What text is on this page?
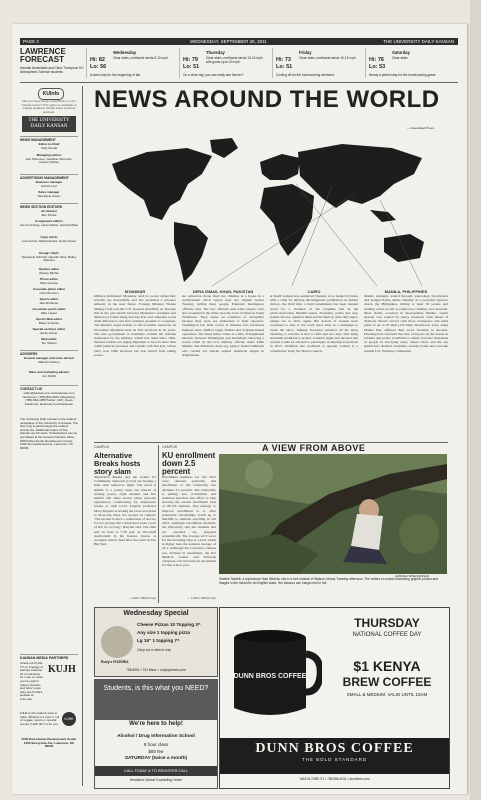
PAGE 2	WEDNESDAY, SEPTEMBER 28, 2011	THE UNIVERSITY DAILY KANSAN
LAWRENCE
FORECAST
Hannah Arvanitakis and Clinic Thompson KU Atmospheric Science students
Hi: 82
Lo: 56
Wednesday
Clear skies, northwest winds 5-10 mph.
A warm day for the beginning of fall.
Hi: 79
Lo: 51
Thursday
Clear skies, northwest winds 10-15 mph with gusts up to 20 mph.
On a clear day, you can really see forever?
Hi: 73
Lo: 51
Friday
Clear skies, northwest winds 10-15 mph.
Cooling off for the homecoming weekend.
Hi: 76
Lo: 53
Saturday
Clear skies.
Nearly a perfect day for the homecoming game.
KUInfo
Did you know Hawk Code/Pride is in the Kansas Union? This option is available to college students. KUInfo helps students succeed.
THE UNIVERSITY DAILY KANSAN
NEWS MANAGEMENT
Editor-in-Chief
Kelly Stroda
Managing editors
Joel Petterson, Jonathan Shorman, Clayton Ashley
ADVERTISING MANAGEMENT
Business manager
Garrett Lent
Sales manager
Stephanie Green
NEWS SECTION EDITORS
Art director
Ben Pirotte
Assignment editors
Ian Cummings, Laura Sather, Hannah Wise
Copy chiefs
Lisa Curran, Marla Daniels, Emily Glover
Design chiefs
Stephanie Schmidt, Hannah Wise, Bailey Atkinson
Opinion editor
Wesley Ritchie
Photo editor
Mike Gunnoe
Associate photo editor
Chris Bronson
Sports editor
Max Rothman
Associate sports editor
Mike Lavieri
Sports Web editor
Blake Schuster
Special sections editor
Emily Glover
Web editor
Tim Shedor
ADVISERS
General manager and news adviser
Malcolm Gibson
Sales and marketing adviser
Jon Schlitt
CONTACT US
editor@kansan.com www.kansan.com Newsroom: (785)-864-4810 Advertising: (785) 864-4358 Twitter: UDK_News Facebook: facebook.com/thekansan
The University Daily Kansan is the student newspaper of the University of Kansas. The first copy is paid through the student activity fee. Additional copies of The Kansan are 50 cents. Subscriptions can be purchased at the Kansan business office, 2000 Dole Human Development Center, 1000 Sunnyside Avenue, Lawrence, KS 66045.
KANSAN MEDIA PARTNERS
Check out KUJH-TV on Knology of Kansas Channel 31 in Lawrence for more on what you've read in today's Kansan and other news. Also see KUJH's website at tv.ku.edu.
KUJH
KJHK is the student voice in radio. Whether it's rock 'n' roll or reggae, sports or special events, KJHK 90.7 is for you.
KJHK
2000 Dole Human Development Center 1000 Sunnyside Ave. Lawrence, KS 66045
NEWS AROUND THE WORLD
— Associated Press
MYANMAR
Military-dominated Myanmar said its recent democratic reforms are irreversible and has promised a prisoner amnesty in the near future. Foreign Minister Wunna Maung Lwin told the U.N. General Assembly on Tuesday that in the past month between Myanmar's president and democracy leader Aung San Suu Kyi were intended to put aside differences and find common grounds to cooperate. The minister urged nations to lift economic sanctions. In November Myanmar held its first elections in 20 years. The new government is nominally civilian but remains dominated by the military, which has ruled since 1962. Western nations are urging Myanmar to free its more than 2,000 political prisoners and consult with Suu Kyi, whose party won 1990 elections but was barred from taking power.
DERA ISMAIL KHAN, PAKISTAN
An American drone fired two missiles at a house in a northwestern tribal region near the Afghan border Tuesday, killing three people, Pakistani intelligence officials said. The two officials said some people were also wounded in the strike near the town of Wana in South Waziristan. They spoke on condition of anonymity because they were not authorized to brief reporters. Washington has fired scores of missiles into northwest Pakistan since 2008 to target Taliban and al-Qaida-linked operatives. The latest strike comes at a time of heightened tensions between Washington and Islamabad following a recent claim by the U.S. military official, Adm. Mike Mullen, that Pakistan's main spy agency backed militants who carried out attacks against American targets in Afghanistan.
CAIRO
A Saudi woman was sentenced Tuesday to be lashed 10 times with a whip for defying the kingdom's prohibition on female drivers, the third time a legal punishment has been handed down for a violation of the longtime ban in the ultraconservative Muslim nation. Normally, police just stop female drivers, question them and let them go after they sign a pledge not to drive again. But dozens of women have continued to take to the roads since June in a campaign to break the taboo. Making Tuesday's sentence all the more upsetting to activists is that it came just two days after King Abdullah promised to protect women's rights and decreed that women would be allowed to participate in municipal elections in 2015. Abdullah also promised to appoint women to a consultative body, the Shura Council.
MANILA, PHILIPPINES
Manila residents waded through waist-deep floodwaters and dodged flying debris Tuesday as a powerful typhoon struck the Philippines, killing at least 18 people and sending waves as tall as palm trees crashing over seawalls. Most deaths occurred in metropolitan Manila, which already was soaked by heavy monsoon rains ahead of Typhoon Nesat's arrival with more downpours and wind gusts of up to 93 mph (150 kph). Downtown areas along Manila Bay suffered their worst flooding in decades. Flooding here obscured the view of anyone on the streets as soldiers and police scrambled to safely evacuate thousands of people in low-lying areas, where rivers and the sea spilled into shanties, hospitals, swanky hotels and even the seaside U.S. Embassy compound.
CAMPUS
Alternative Breaks hosts story slam
Alternative Breaks and the Center for Community Outreach (CCO) are hosting a little slam tomorrow night. The event is similar to a poetry slam, but instead of reading poetry, eight students and KU alumni will share stories about personal experiences volunteering for Alternative breaks or with CCO. English professor Mary Klayder is hosting the event and plans to showcase these two groups on campus. "I'm excited to have a celebration of service for two groups that I think have been a part of KU for so long," Klayder said. The slam will be held at 7:30 p.m. in Woodruff Auditorium in the Kansas Union. A reception will be held after the event in The Big Tent.
— Claire McInerney
CAMPUS
KU enrollment down 2.5 percent
Enrollment numbers for fall 2011 were released yesterday and enrollment at the University has declined 2.5 percent. The University is putting new recruitment and retention practices into effect to help increase the current enrollment total of 28,718 students. One strategy to improve enrollment is to offer renewable scholarships worth up to $40,000 to students enrolling in fall 2012. Although enrollment declined, the University said the students that are enrolled are prepared academically. The average ACT score for the incoming class is a 24.9, which is higher than the national average of 22.1. Although the Lawrence campus saw declines in enrollment, the KU Medical Center and Edwards campuses saw increases in enrollment for this school year.
— Claire McInerney
A VIEW FROM ABOVE
HANNAH WISE/KANSAN
Shelbie Tackett, a sophomore from Wichita, sits in a tree outside of Watson Library Tuesday afternoon. The writers on social networking graphic photos and images in the media for an English class. Her tobacco can hangs next to her.
Wednesday Special
Cheese Pizzas 10 Topping 3^
Any size 1 topping pizza
Lg 16" 1 topping 7^
Carry out or dine in only
Rudy's PIZZERIA
785-8051 • 704 Mass. • rudyspizzeria.com
Students, is this what you NEED?
We're here to help!
Alcohol / Drug Information School
8 hour class
$80 fee
SATURDAY (twice a month)
CALL TODAY & TO REGISTER CALL
Heartland Clinical Counseling Center
THURSDAY
NATIONAL COFFEE DAY
DUNN BROS COFFEE
$1 KENYA
BREW COFFEE
SMALL & MEDIUM, VALID UNTIL 10AM
DUNN BROS COFFEE
THE BOLD STANDARD
1618 W 23RD ST • 785.856.4031 • dunnbros.com
